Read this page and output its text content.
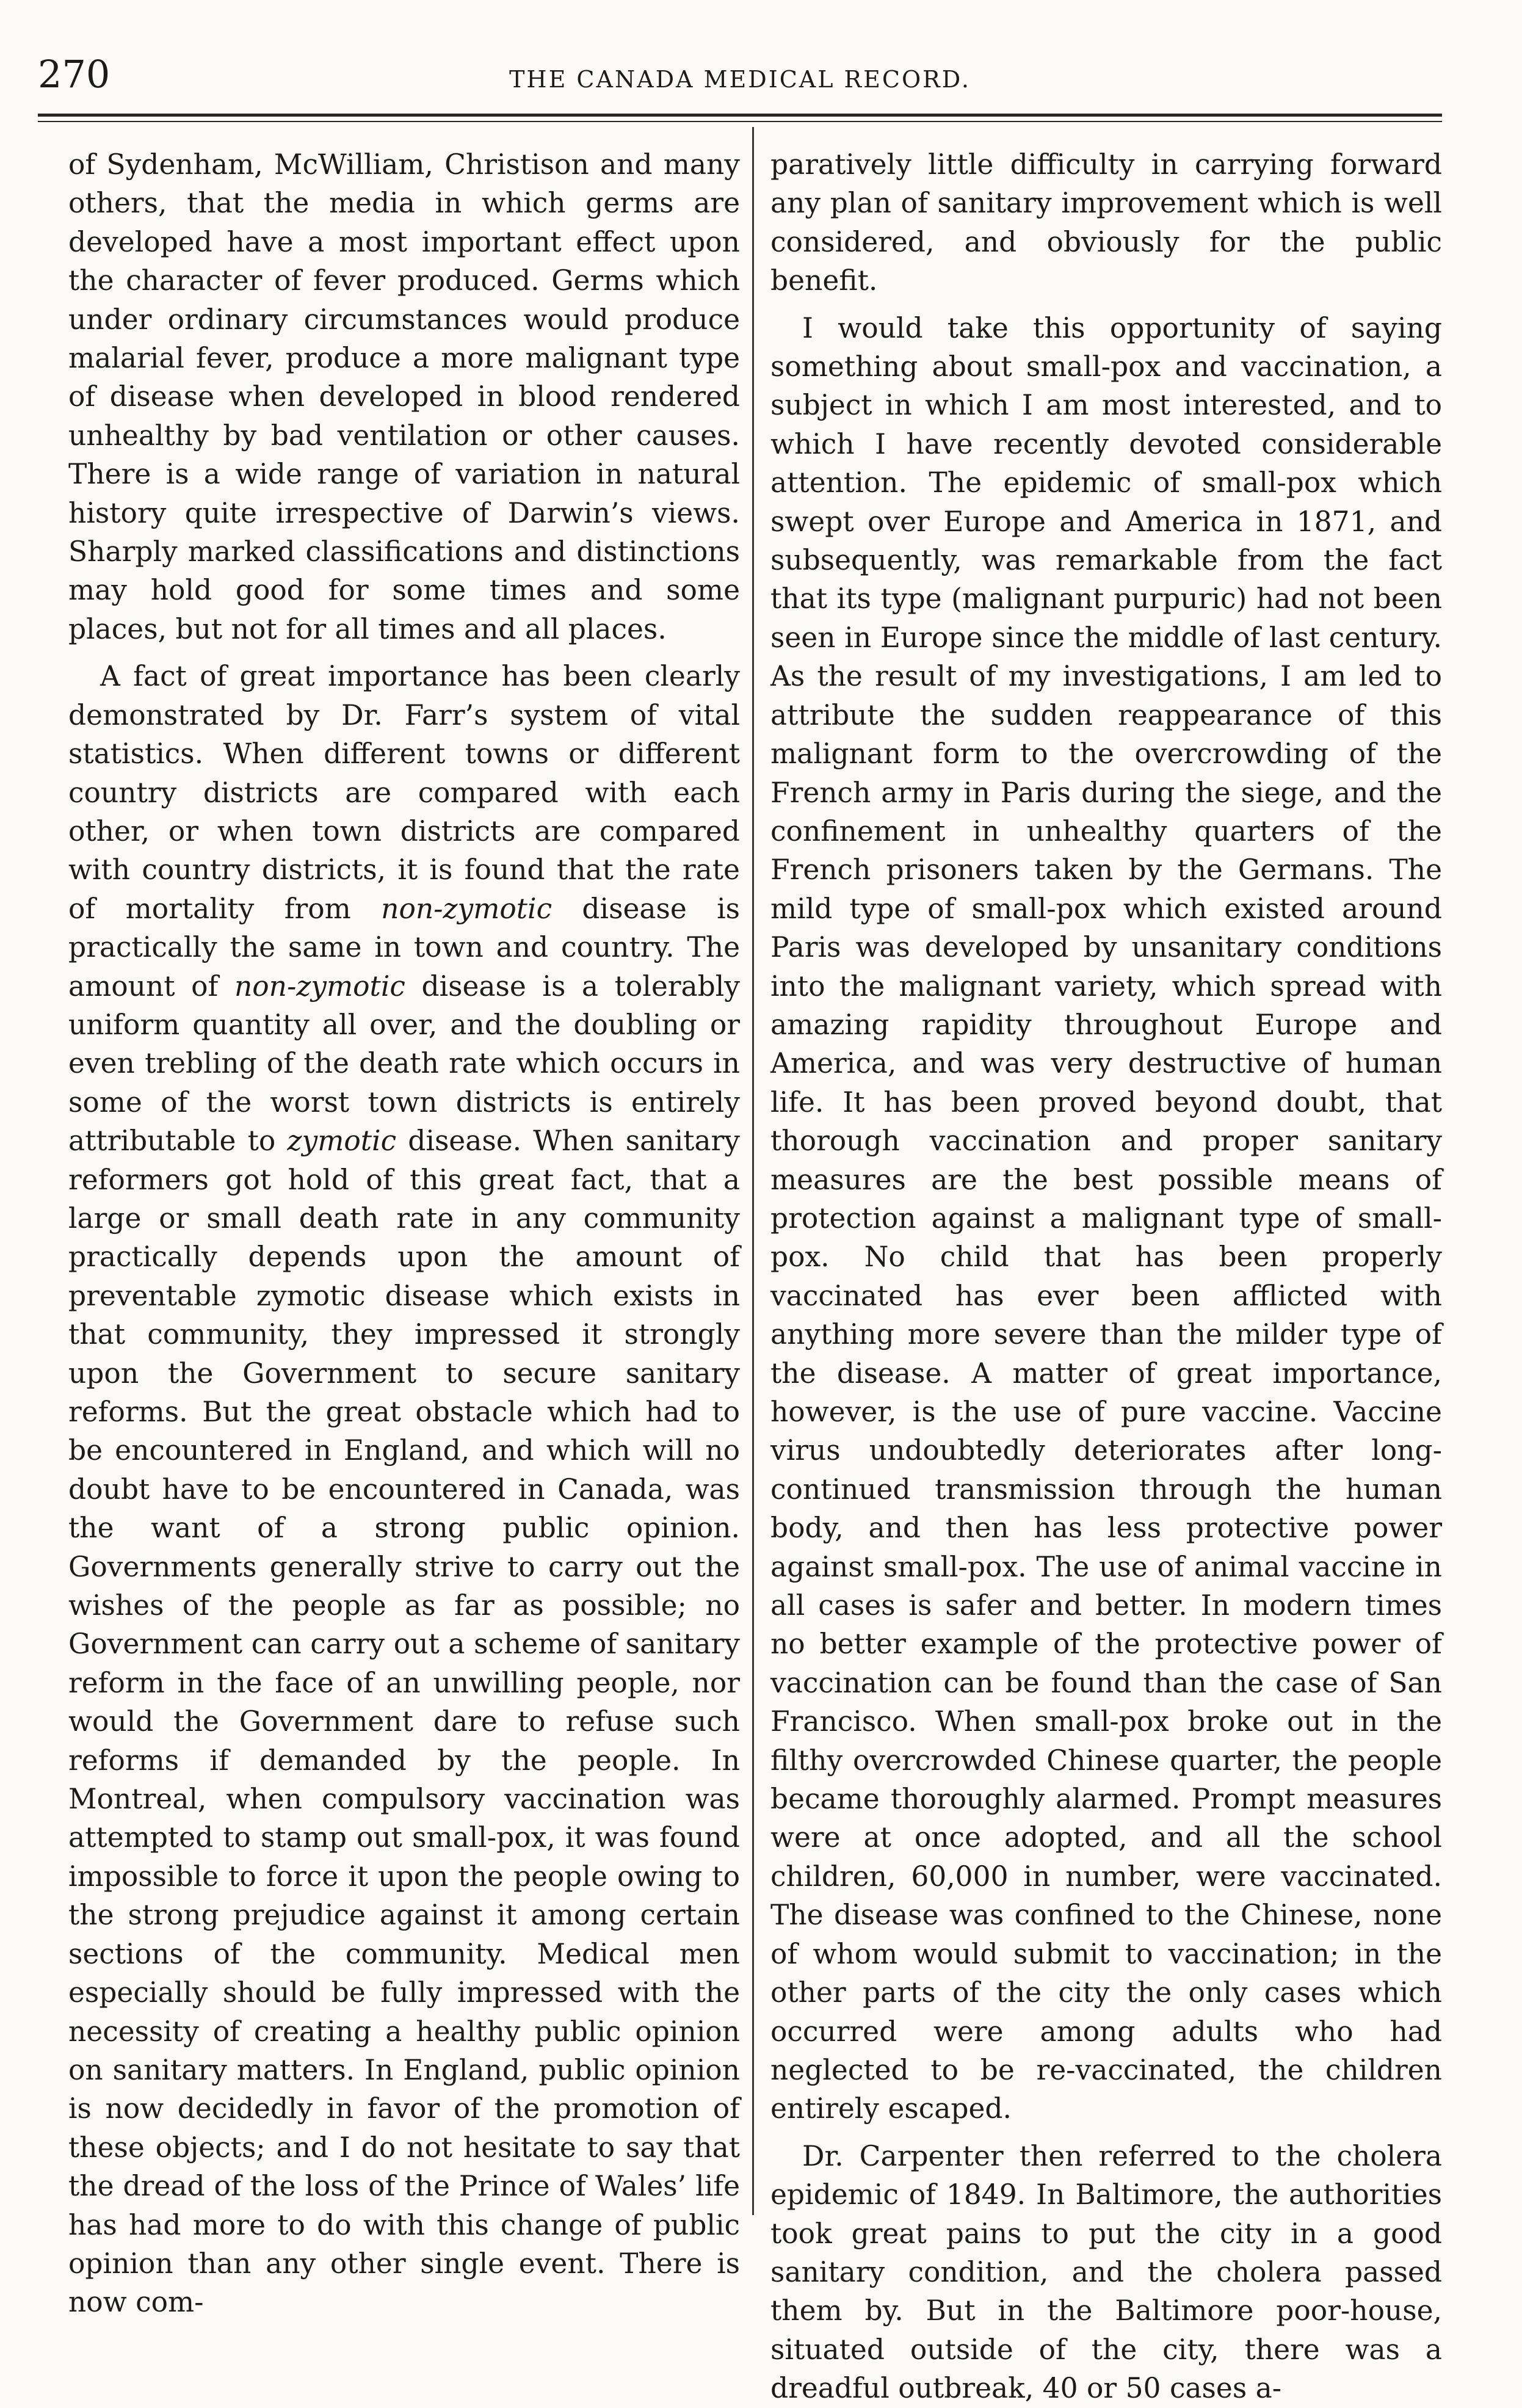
270	THE CANADA MEDICAL RECORD.

of Sydenham, McWilliam, Christison and many others, that the media in which germs are developed have a most important effect upon the character of fever produced. Germs which under ordinary circumstances would produce malarial fever, produce a more malignant type of disease when developed in blood rendered unhealthy by bad ventilation or other causes. There is a wide range of variation in natural history quite irrespective of Darwin’s views. Sharply marked classifications and distinctions may hold good for some times and some places, but not for all times and all places.

A fact of great importance has been clearly demonstrated by Dr. Farr’s system of vital statistics. When different towns or different country districts are compared with each other, or when town districts are compared with country districts, it is found that the rate of mortality from non-zymotic disease is practically the same in town and country. The amount of non-zymotic disease is a tolerably uniform quantity all over, and the doubling or even trebling of the death rate which occurs in some of the worst town districts is entirely attributable to zymotic disease. When sanitary reformers got hold of this great fact, that a large or small death rate in any community practically depends upon the amount of preventable zymotic disease which exists in that community, they impressed it strongly upon the Government to secure sanitary reforms. But the great obstacle which had to be encountered in England, and which will no doubt have to be encountered in Canada, was the want of a strong public opinion. Governments generally strive to carry out the wishes of the people as far as possible; no Government can carry out a scheme of sanitary reform in the face of an unwilling people, nor would the Government dare to refuse such reforms if demanded by the people. In Montreal, when compulsory vaccination was attempted to stamp out small-pox, it was found impossible to force it upon the people owing to the strong prejudice against it among certain sections of the community. Medical men especially should be fully impressed with the necessity of creating a healthy public opinion on sanitary matters. In England, public opinion is now decidedly in favor of the promotion of these objects; and I do not hesitate to say that the dread of the loss of the Prince of Wales’ life has had more to do with this change of public opinion than any other single event. There is now com-

paratively little difficulty in carrying forward any plan of sanitary improvement which is well considered, and obviously for the public benefit.

I would take this opportunity of saying something about small-pox and vaccination, a subject in which I am most interested, and to which I have recently devoted considerable attention. The epidemic of small-pox which swept over Europe and America in 1871, and subsequently, was remarkable from the fact that its type (malignant purpuric) had not been seen in Europe since the middle of last century. As the result of my investigations, I am led to attribute the sudden reappearance of this malignant form to the overcrowding of the French army in Paris during the siege, and the confinement in unhealthy quarters of the French prisoners taken by the Germans. The mild type of small-pox which existed around Paris was developed by unsanitary conditions into the malignant variety, which spread with amazing rapidity throughout Europe and America, and was very destructive of human life. It has been proved beyond doubt, that thorough vaccination and proper sanitary measures are the best possible means of protection against a malignant type of small-pox. No child that has been properly vaccinated has ever been afflicted with anything more severe than the milder type of the disease. A matter of great importance, however, is the use of pure vaccine. Vaccine virus undoubtedly deteriorates after long-continued transmission through the human body, and then has less protective power against small-pox. The use of animal vaccine in all cases is safer and better. In modern times no better example of the protective power of vaccination can be found than the case of San Francisco. When small-pox broke out in the filthy overcrowded Chinese quarter, the people became thoroughly alarmed. Prompt measures were at once adopted, and all the school children, 60,000 in number, were vaccinated. The disease was confined to the Chinese, none of whom would submit to vaccination; in the other parts of the city the only cases which occurred were among adults who had neglected to be re-vaccinated, the children entirely escaped.

Dr. Carpenter then referred to the cholera epidemic of 1849. In Baltimore, the authorities took great pains to put the city in a good sanitary condition, and the cholera passed them by. But in the Baltimore poor-house, situated outside of the city, there was a dreadful outbreak, 40 or 50 cases a-
